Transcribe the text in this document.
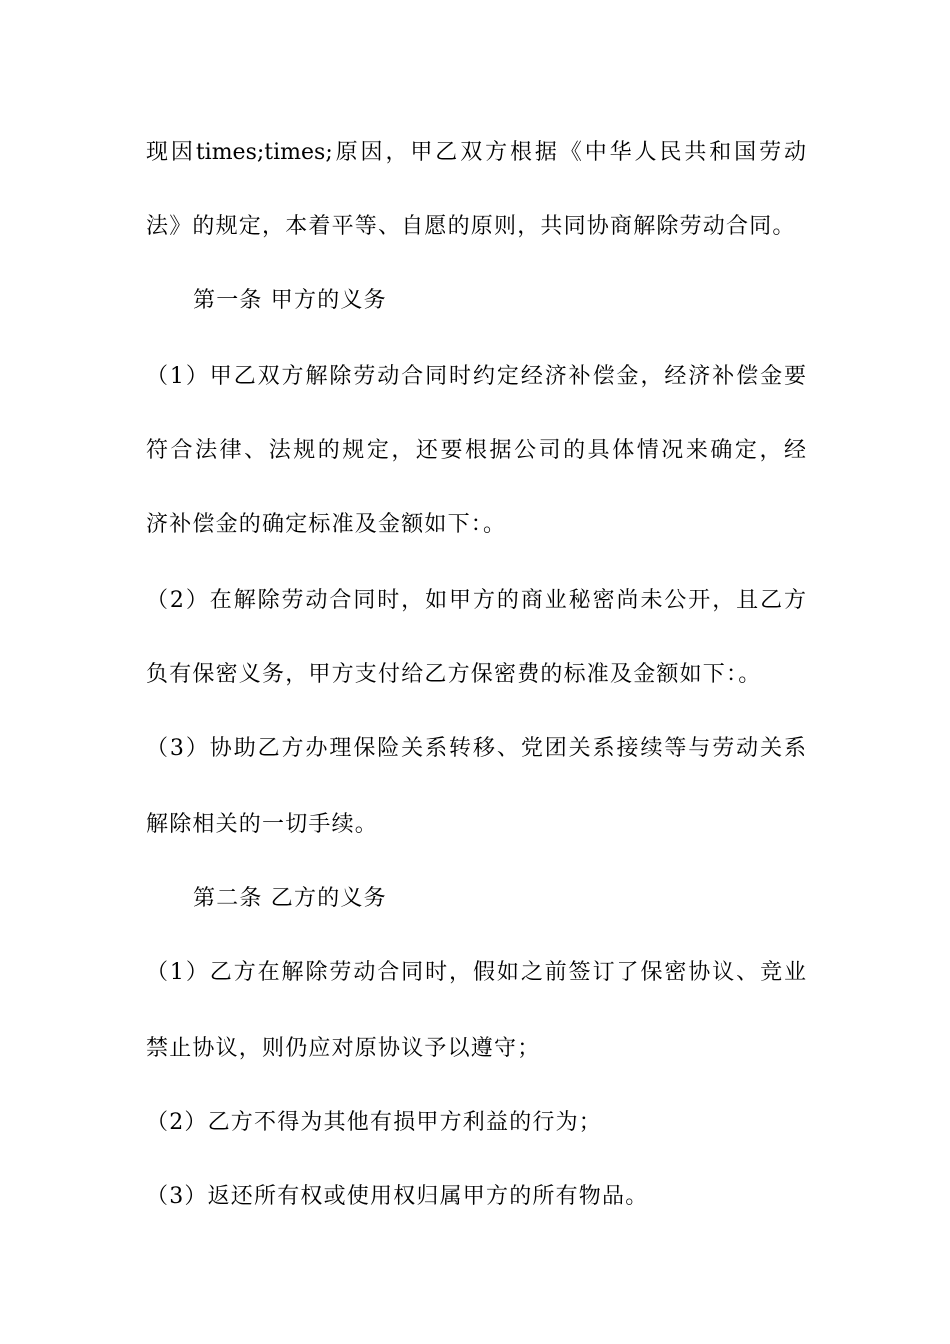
现因times;times;原因，甲乙双方根据《中华人民共和国劳动
法》的规定，本着平等、自愿的原则，共同协商解除劳动合同。
第一条 甲方的义务
（1）甲乙双方解除劳动合同时约定经济补偿金，经济补偿金要
符合法律、法规的规定，还要根据公司的具体情况来确定，经
济补偿金的确定标准及金额如下：。
（2）在解除劳动合同时，如甲方的商业秘密尚未公开，且乙方
负有保密义务，甲方支付给乙方保密费的标准及金额如下：。
（3）协助乙方办理保险关系转移、党团关系接续等与劳动关系
解除相关的一切手续。
第二条 乙方的义务
（1）乙方在解除劳动合同时，假如之前签订了保密协议、竞业
禁止协议，则仍应对原协议予以遵守；
（2）乙方不得为其他有损甲方利益的行为；
（3）返还所有权或使用权归属甲方的所有物品。
